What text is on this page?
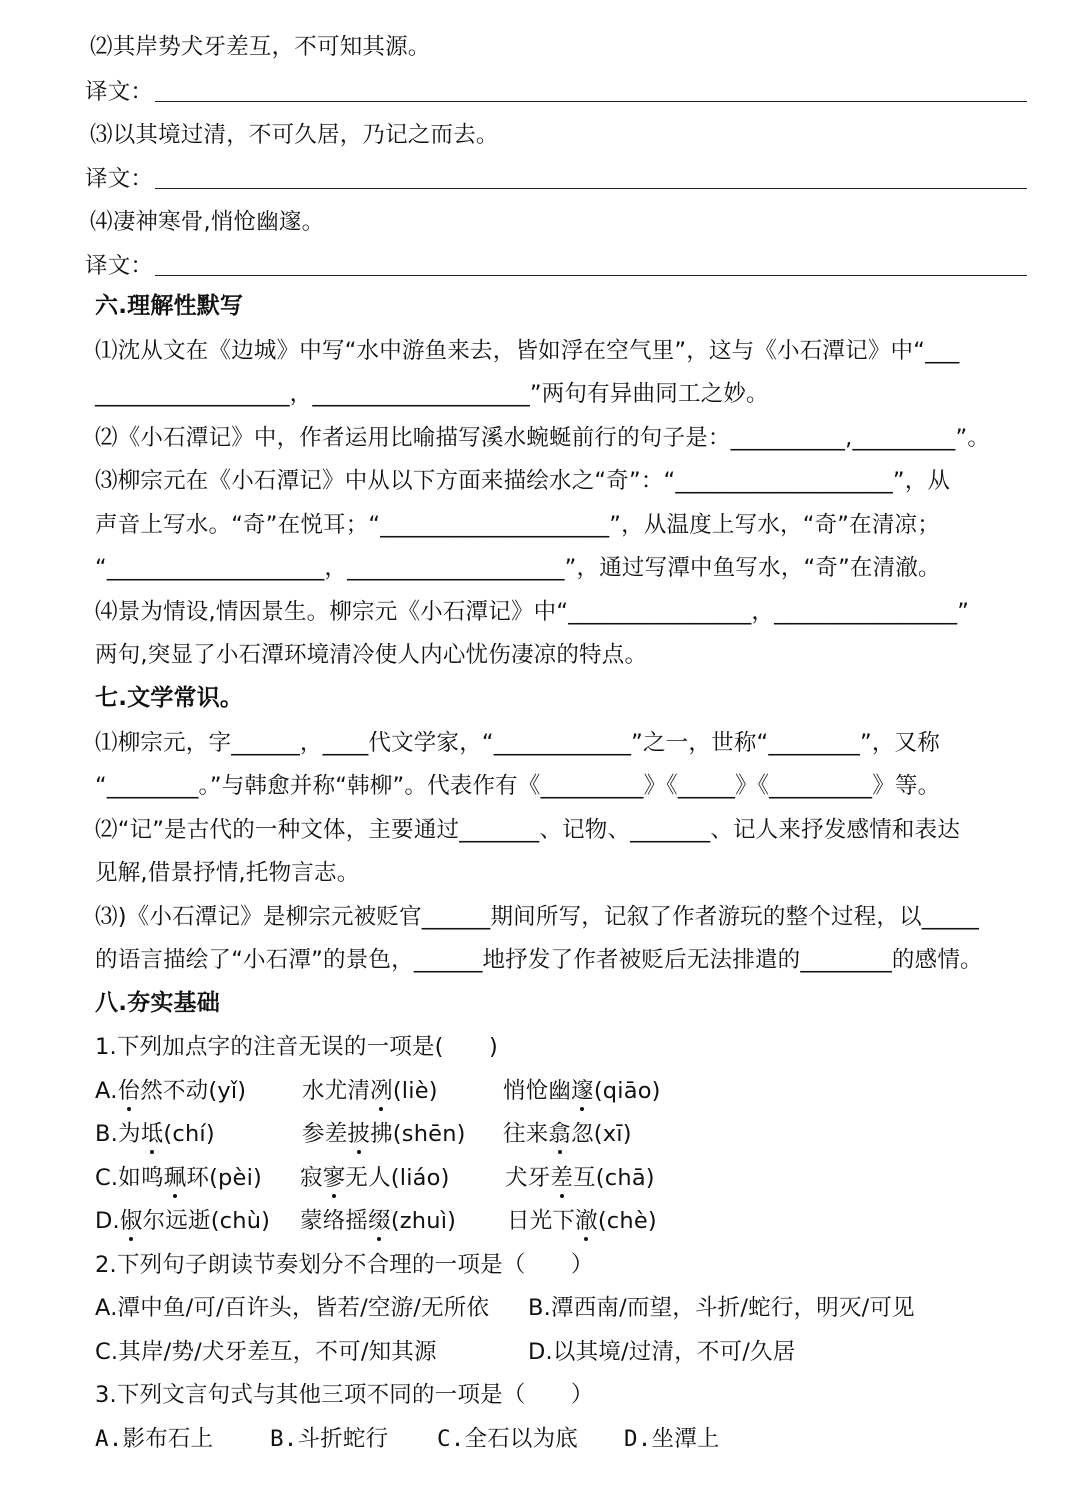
⑵其岸势犬牙差互，不可知其源。
译文：
⑶以其境过清，不可久居，乃记之而去。
译文：
⑷凄神寒骨,悄怆幽邃。
译文：
六.理解性默写
⑴沈从文在《边城》中写“水中游鱼来去，皆如浮在空气里”，这与《小石潭记》中“___
_________________，___________________”两句有异曲同工之妙。
⑵《小石潭记》中，作者运用比喻描写溪水蜿蜒前行的句子是：__________,_________”。
⑶柳宗元在《小石潭记》中从以下方面来描绘水之“奇”：“___________________”，从
声音上写水。“奇”在悦耳；“____________________”，从温度上写水，“奇”在清凉；
“___________________，___________________”，通过写潭中鱼写水，“奇”在清澈。
⑷景为情设,情因景生。柳宗元《小石潭记》中“________________，________________”
两句,突显了小石潭环境清冷使人内心忧伤凄凉的特点。
七.文学常识。
⑴柳宗元，字______，____代文学家，“____________”之一，世称“________”，又称
“________。”与韩愈并称“韩柳”。代表作有《_________》《_____》《_________》等。
⑵“记”是古代的一种文体，主要通过_______、记物、_______、记人来抒发感情和表达
见解,借景抒情,托物言志。
⑶)《小石潭记》是柳宗元被贬官______期间所写，记叙了作者游玩的整个过程，以_____
的语言描绘了“小石潭”的景色，______地抒发了作者被贬后无法排遣的________的感情。
八.夯实基础
1.下列加点字的注音无误的一项是(　　)
A.佁然不动(yǐ) 水尤清冽(liè)	悄怆幽邃(qiāo)
B.为坻(chí)	参差披拂(shēn) 往来翕忽(xī)
C.如鸣珮环(pèi) 寂寥无人(liáo) 犬牙差互(chā)
D.俶尔远逝(chù) 蒙络摇缀(zhuì) 日光下澈(chè)
2.下列句子朗读节奏划分不合理的一项是（　　）
A.潭中鱼/可/百许头，皆若/空游/无所依 B.潭西南/而望，斗折/蛇行，明灭/可见
C.其岸/势/犬牙差互，不可/知其源	D.以其境/过清，不可/久居
3.下列文言句式与其他三项不同的一项是（　　）
A.影布石上	B.斗折蛇行 C.全石以为底 D.坐潭上
